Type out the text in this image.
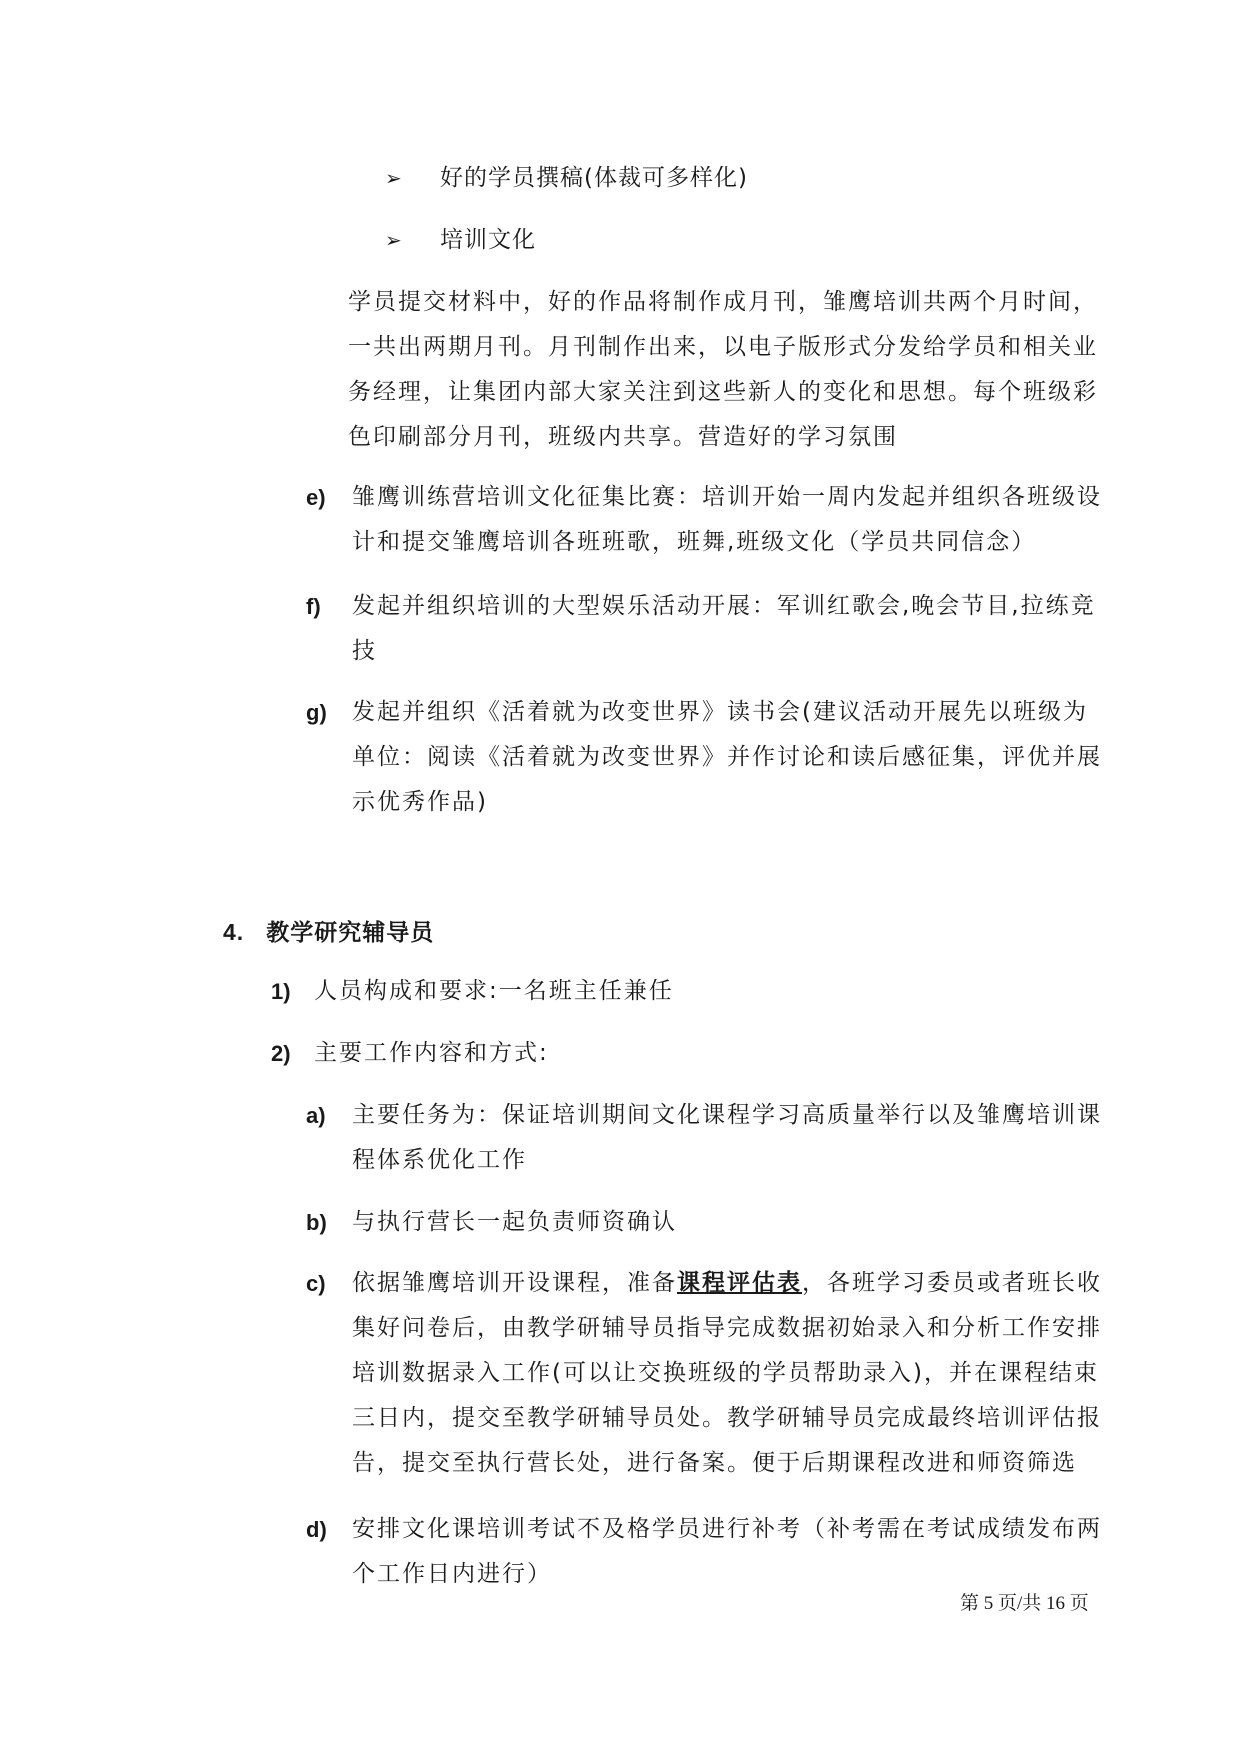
➢	好的学员撰稿(体裁可多样化)
➢	培训文化
学员提交材料中，好的作品将制作成月刊，雏鹰培训共两个月时间，
一共出两期月刊。月刊制作出来，以电子版形式分发给学员和相关业
务经理，让集团内部大家关注到这些新人的变化和思想。每个班级彩
色印刷部分月刊，班级内共享。营造好的学习氛围
e) 雏鹰训练营培训文化征集比赛：培训开始一周内发起并组织各班级设
计和提交雏鹰培训各班班歌，班舞,班级文化（学员共同信念）
f) 发起并组织培训的大型娱乐活动开展：军训红歌会,晚会节目,拉练竞
技
g) 发起并组织《活着就为改变世界》读书会(建议活动开展先以班级为
单位：阅读《活着就为改变世界》并作讨论和读后感征集，评优并展
示优秀作品)
4. 教学研究辅导员
1) 人员构成和要求:一名班主任兼任
2) 主要工作内容和方式:
a) 主要任务为：保证培训期间文化课程学习高质量举行以及雏鹰培训课
程体系优化工作
b) 与执行营长一起负责师资确认
c) 依据雏鹰培训开设课程，准备课程评估表，各班学习委员或者班长收
集好问卷后，由教学研辅导员指导完成数据初始录入和分析工作安排
培训数据录入工作(可以让交换班级的学员帮助录入)，并在课程结束
三日内，提交至教学研辅导员处。教学研辅导员完成最终培训评估报
告，提交至执行营长处，进行备案。便于后期课程改进和师资筛选
d) 安排文化课培训考试不及格学员进行补考（补考需在考试成绩发布两
个工作日内进行）
第 5 页/共 16 页
